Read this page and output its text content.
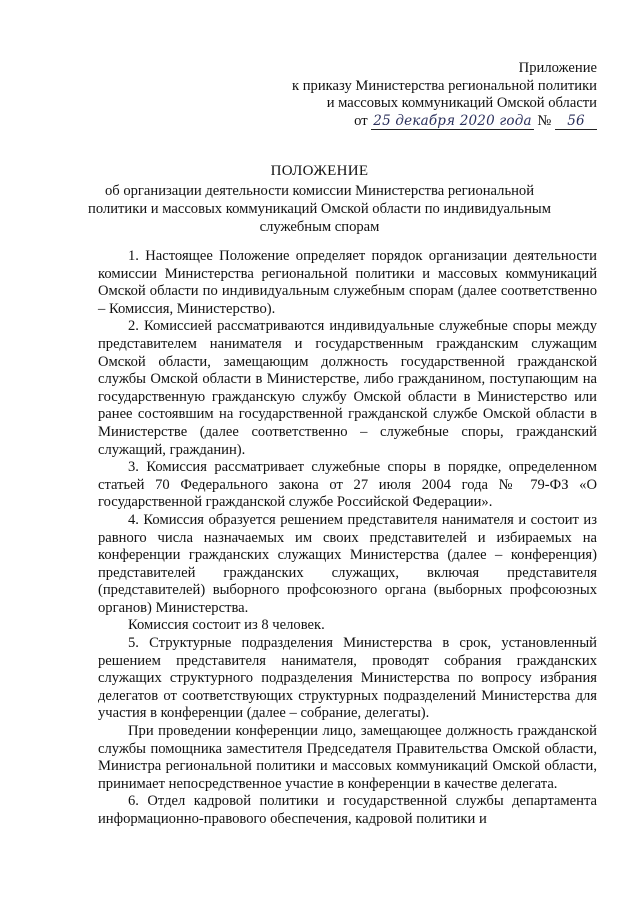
Приложение
к приказу Министерства региональной политики
и массовых коммуникаций Омской области
от 25 декабря 2020 года № 56
ПОЛОЖЕНИЕ
об организации деятельности комиссии Министерства региональной
политики и массовых коммуникаций Омской области по индивидуальным
служебным спорам

1. Настоящее Положение определяет порядок организации деятельности комиссии Министерства региональной политики и массовых коммуникаций Омской области по индивидуальным служебным спорам (далее соответственно – Комиссия, Министерство).

2. Комиссией рассматриваются индивидуальные служебные споры между представителем нанимателя и государственным гражданским служащим Омской области, замещающим должность государственной гражданской службы Омской области в Министерстве, либо гражданином, поступающим на государственную гражданскую службу Омской области в Министерство или ранее состоявшим на государственной гражданской службе Омской области в Министерстве (далее соответственно – служебные споры, гражданский служащий, гражданин).

3. Комиссия рассматривает служебные споры в порядке, определенном статьей 70 Федерального закона от 27 июля 2004 года № 79-ФЗ «О государственной гражданской службе Российской Федерации».

4. Комиссия образуется решением представителя нанимателя и состоит из равного числа назначаемых им своих представителей и избираемых на конференции гражданских служащих Министерства (далее – конференция) представителей гражданских служащих, включая представителя (представителей) выборного профсоюзного органа (выборных профсоюзных органов) Министерства.

Комиссия состоит из 8 человек.

5. Структурные подразделения Министерства в срок, установленный решением представителя нанимателя, проводят собрания гражданских служащих структурного подразделения Министерства по вопросу избрания делегатов от соответствующих структурных подразделений Министерства для участия в конференции (далее – собрание, делегаты).

При проведении конференции лицо, замещающее должность гражданской службы помощника заместителя Председателя Правительства Омской области, Министра региональной политики и массовых коммуникаций Омской области, принимает непосредственное участие в конференции в качестве делегата.

6. Отдел кадровой политики и государственной службы департамента информационно-правового обеспечения, кадровой политики и
